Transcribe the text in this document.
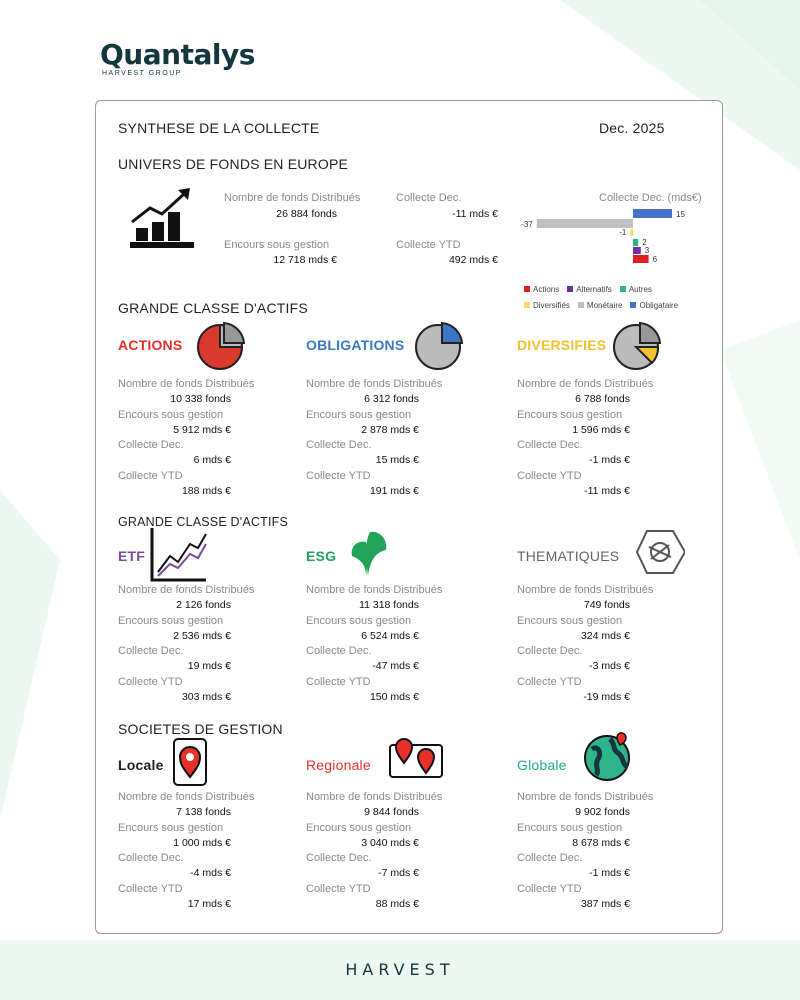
Quantalys
HARVEST GROUP
SYNTHESE DE LA COLLECTE	Dec. 2025
UNIVERS DE FONDS EN EUROPE
Nombre de fonds Distribués
26 884 fonds
Encours sous gestion
12 718 mds €
Collecte Dec.
-11 mds €
Collecte YTD
492 mds €
Collecte Dec. (mds€)
15
-37
-1
2
3
6
Actions Alternatifs Autres
Diversifiés Monétaire Obligataire
GRANDE CLASSE D'ACTIFS
ACTIONS	OBLIGATIONS	DIVERSIFIES
Nombre de fonds Distribués
10 338 fonds
Encours sous gestion
5 912 mds €
Collecte Dec.
6 mds €
Collecte YTD
188 mds €
Nombre de fonds Distribués
6 312 fonds
Encours sous gestion
2 878 mds €
Collecte Dec.
15 mds €
Collecte YTD
191 mds €
Nombre de fonds Distribués
6 788 fonds
Encours sous gestion
1 596 mds €
Collecte Dec.
-1 mds €
Collecte YTD
-11 mds €
GRANDE CLASSE D'ACTIFS
ETF	ESG	THEMATIQUES
Nombre de fonds Distribués
2 126 fonds
Encours sous gestion
2 536 mds €
Collecte Dec.
19 mds €
Collecte YTD
303 mds €
Nombre de fonds Distribués
11 318 fonds
Encours sous gestion
6 524 mds €
Collecte Dec.
-47 mds €
Collecte YTD
150 mds €
Nombre de fonds Distribués
749 fonds
Encours sous gestion
324 mds €
Collecte Dec.
-3 mds €
Collecte YTD
-19 mds €
SOCIETES DE GESTION
Locale	Regionale	Globale
Nombre de fonds Distribués
7 138 fonds
Encours sous gestion
1 000 mds €
Collecte Dec.
-4 mds €
Collecte YTD
17 mds €
Nombre de fonds Distribués
9 844 fonds
Encours sous gestion
3 040 mds €
Collecte Dec.
-7 mds €
Collecte YTD
88 mds €
Nombre de fonds Distribués
9 902 fonds
Encours sous gestion
8 678 mds €
Collecte Dec.
-1 mds €
Collecte YTD
387 mds €
HARVEST
